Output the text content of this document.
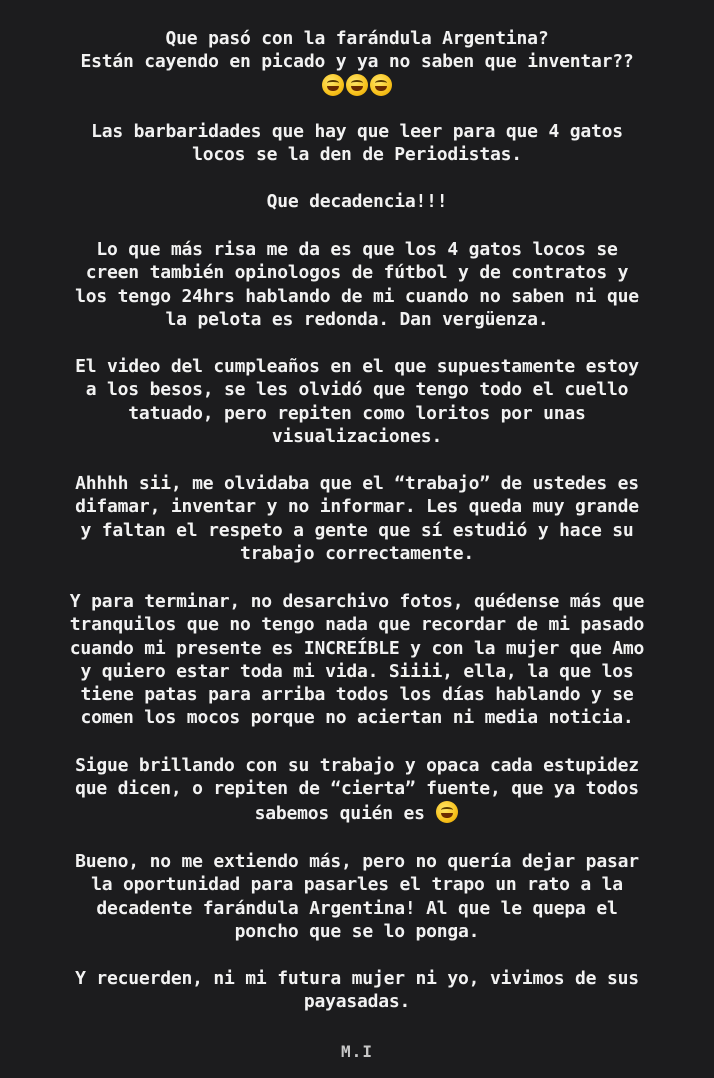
Que pasó con la farándula Argentina?
Están cayendo en picado y ya no saben que inventar??
Las barbaridades que hay que leer para que 4 gatos
locos se la den de Periodistas.
Que decadencia!!!
Lo que más risa me da es que los 4 gatos locos se
creen también opinologos de fútbol y de contratos y
los tengo 24hrs hablando de mi cuando no saben ni que
la pelota es redonda. Dan vergüenza.
El video del cumpleaños en el que supuestamente estoy
a los besos, se les olvidó que tengo todo el cuello
tatuado, pero repiten como loritos por unas
visualizaciones.
Ahhhh sii, me olvidaba que el “trabajo” de ustedes es
difamar, inventar y no informar. Les queda muy grande
y faltan el respeto a gente que sí estudió y hace su
trabajo correctamente.
Y para terminar, no desarchivo fotos, quédense más que
tranquilos que no tengo nada que recordar de mi pasado
cuando mi presente es INCREÍBLE y con la mujer que Amo
y quiero estar toda mi vida. Siiii, ella, la que los
tiene patas para arriba todos los días hablando y se
comen los mocos porque no aciertan ni media noticia.
Sigue brillando con su trabajo y opaca cada estupidez
que dicen, o repiten de “cierta” fuente, que ya todos
sabemos quién es
Bueno, no me extiendo más, pero no quería dejar pasar
la oportunidad para pasarles el trapo un rato a la
decadente farándula Argentina! Al que le quepa el
poncho que se lo ponga.
Y recuerden, ni mi futura mujer ni yo, vivimos de sus
payasadas.
M.I
